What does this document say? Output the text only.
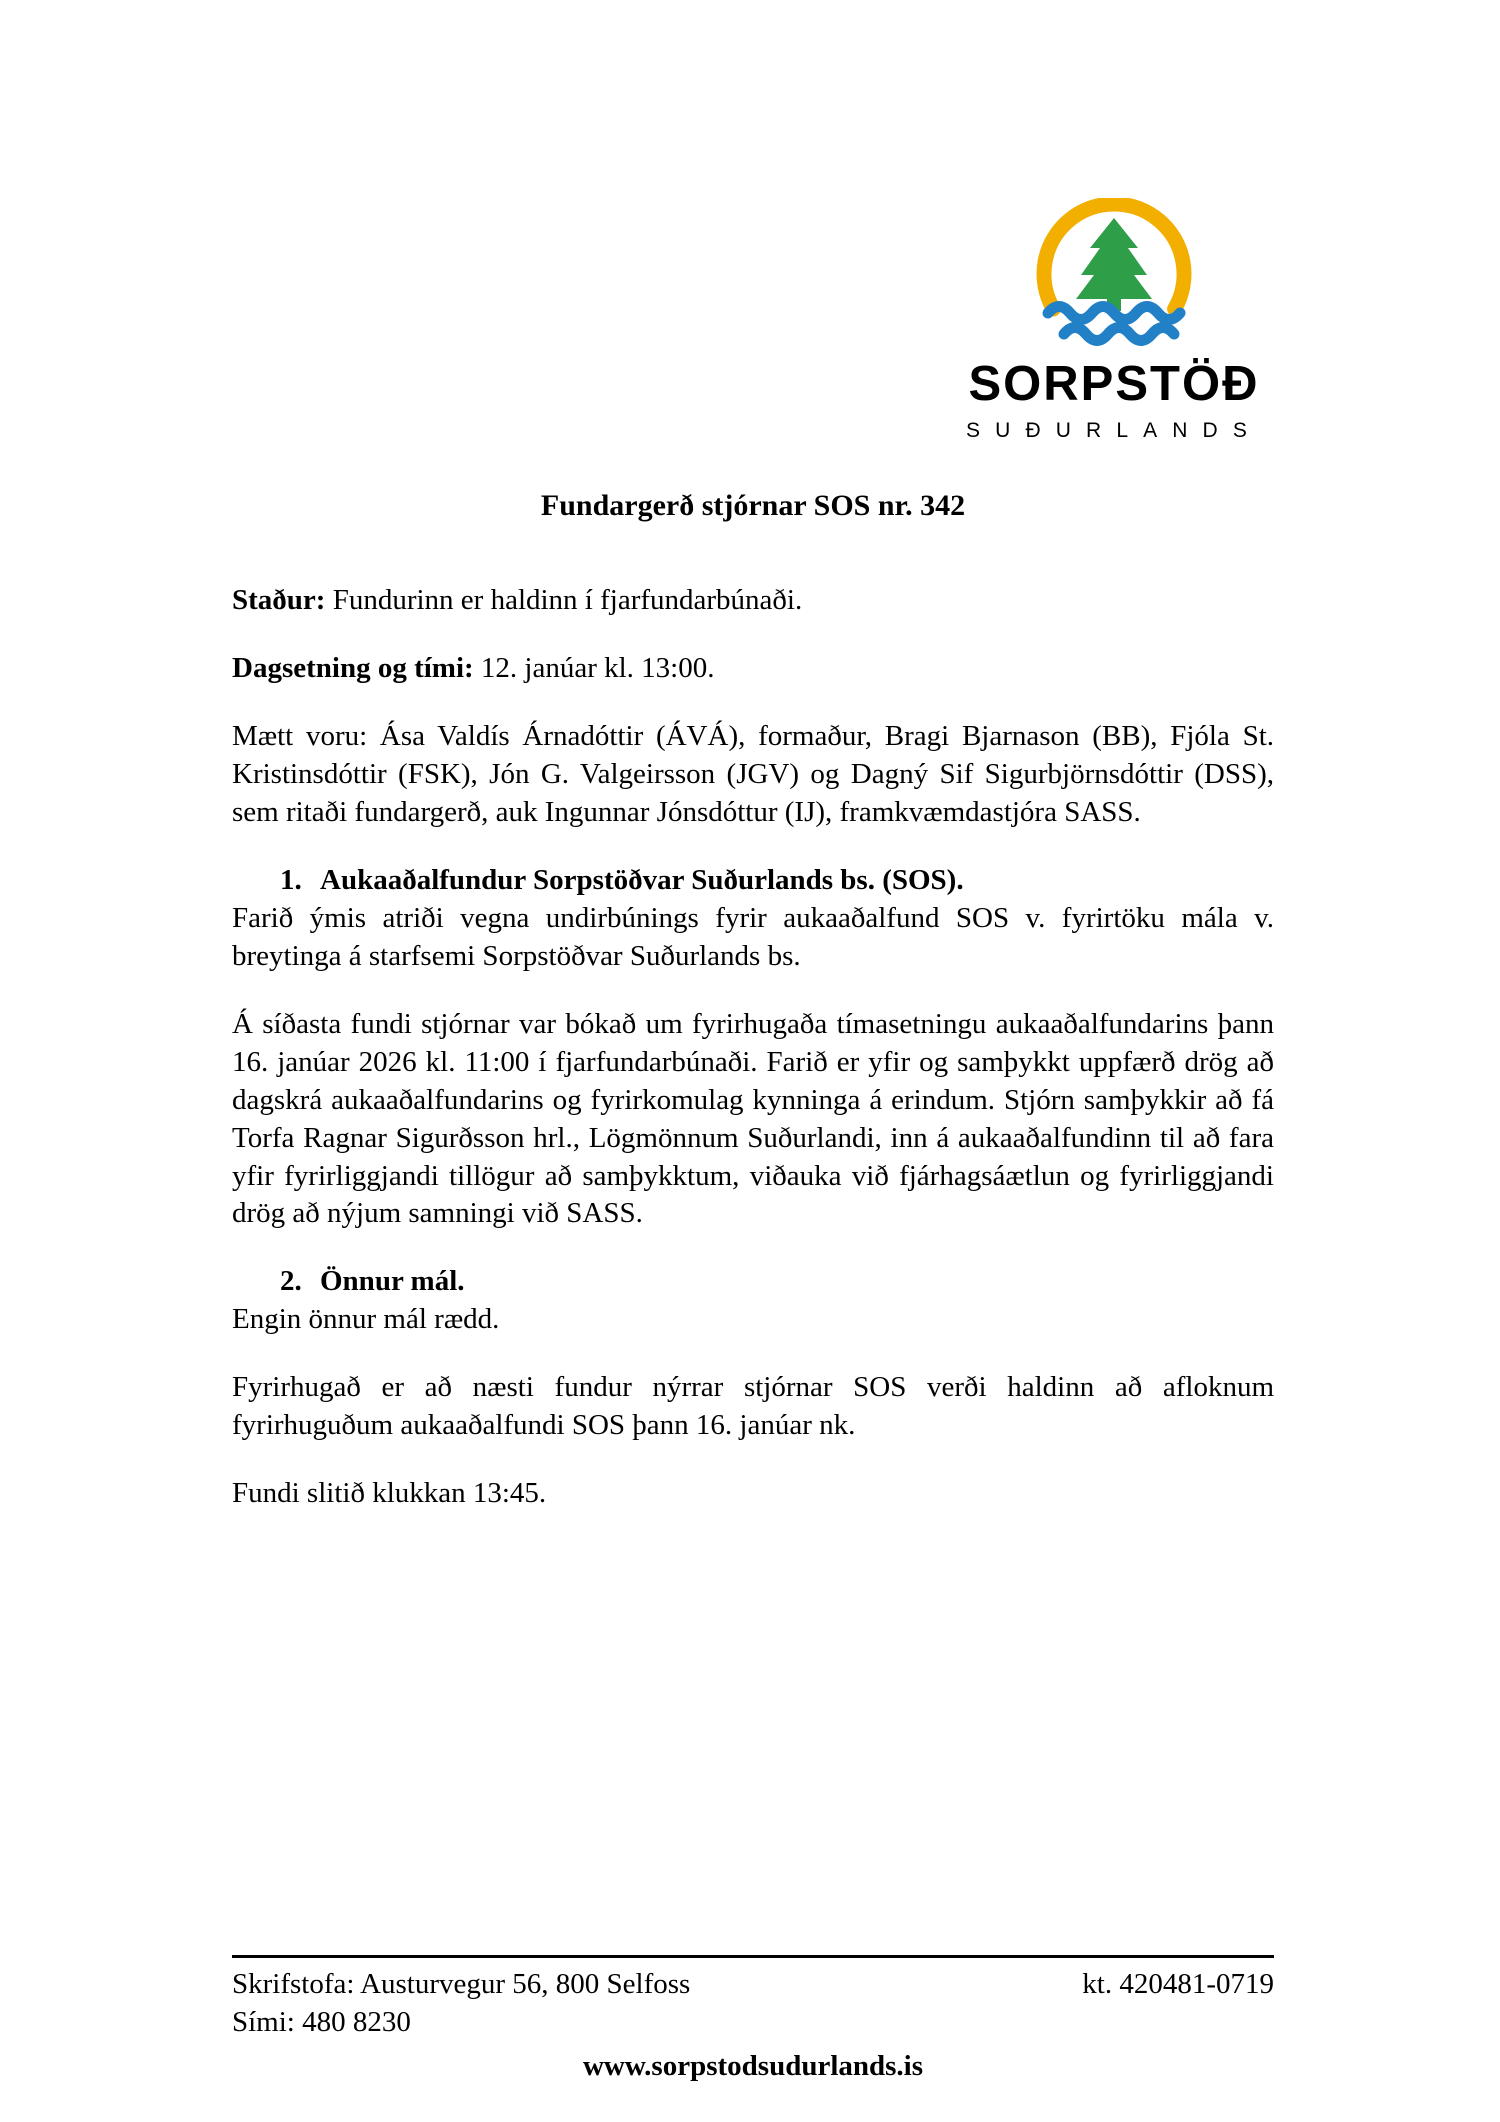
SORPSTÖÐ
SUÐURLANDS
Fundargerð stjórnar SOS nr. 342

Staður: Fundurinn er haldinn í fjarfundarbúnaði.

Dagsetning og tími: 12. janúar kl. 13:00.

Mætt voru: Ása Valdís Árnadóttir (ÁVÁ), formaður, Bragi Bjarnason (BB), Fjóla St. Kristinsdóttir (FSK), Jón G. Valgeirsson (JGV) og Dagný Sif Sigurbjörnsdóttir (DSS), sem ritaði fundargerð, auk Ingunnar Jónsdóttur (IJ), framkvæmdastjóra SASS.

1. Aukaaðalfundur Sorpstöðvar Suðurlands bs. (SOS).

Farið ýmis atriði vegna undirbúnings fyrir aukaaðalfund SOS v. fyrirtöku mála v. breytinga á starfsemi Sorpstöðvar Suðurlands bs.

Á síðasta fundi stjórnar var bókað um fyrirhugaða tímasetningu aukaaðalfundarins þann 16. janúar 2026 kl. 11:00 í fjarfundarbúnaði. Farið er yfir og samþykkt uppfærð drög að dagskrá aukaaðalfundarins og fyrirkomulag kynninga á erindum. Stjórn samþykkir að fá Torfa Ragnar Sigurðsson hrl., Lögmönnum Suðurlandi, inn á aukaaðalfundinn til að fara yfir fyrirliggjandi tillögur að samþykktum, viðauka við fjárhagsáætlun og fyrirliggjandi drög að nýjum samningi við SASS.

2. Önnur mál.

Engin önnur mál rædd.

Fyrirhugað er að næsti fundur nýrrar stjórnar SOS verði haldinn að afloknum fyrirhuguðum aukaaðalfundi SOS þann 16. janúar nk.

Fundi slitið klukkan 13:45.

Skrifstofa: Austurvegur 56, 800 Selfoss	kt. 420481-0719
Sími: 480 8230
www.sorpstodsudurlands.is
